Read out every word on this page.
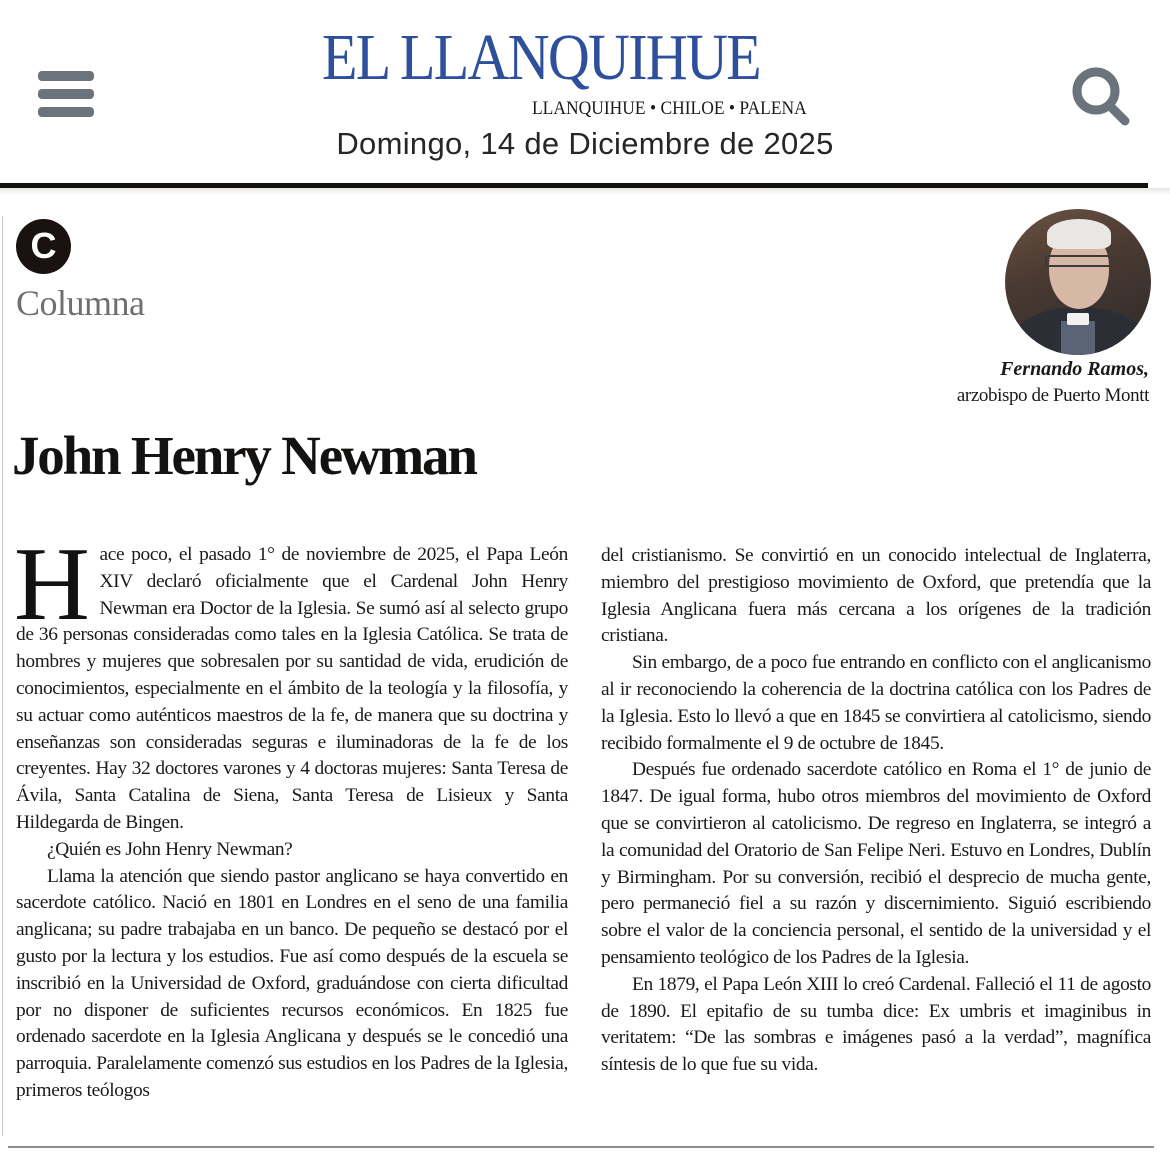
EL LLANQUIHUE
LLANQUIHUE • CHILOE • PALENA
Domingo, 14 de Diciembre de 2025
C
Columna
Fernando Ramos,
arzobispo de Puerto Montt
John Henry Newman

Hace poco, el pasado 1° de noviembre de 2025, el Papa León XIV declaró oficialmente que el Cardenal John Henry Newman era Doctor de la Iglesia. Se sumó así al selecto grupo de 36 personas consideradas como tales en la Iglesia Católica. Se trata de hombres y mujeres que sobresalen por su santidad de vida, erudición de conocimientos, especialmente en el ámbito de la teología y la filosofía, y su actuar como auténticos maestros de la fe, de manera que su doctrina y enseñanzas son consideradas seguras e iluminadoras de la fe de los creyentes. Hay 32 doctores varones y 4 doctoras mujeres: Santa Teresa de Ávila, Santa Catalina de Siena, Santa Teresa de Lisieux y Santa Hildegarda de Bingen.

¿Quién es John Henry Newman?

Llama la atención que siendo pastor anglicano se haya convertido en sacerdote católico. Nació en 1801 en Londres en el seno de una familia anglicana; su padre trabajaba en un banco. De pequeño se destacó por el gusto por la lectura y los estudios. Fue así como después de la escuela se inscribió en la Universidad de Oxford, graduándose con cierta dificultad por no disponer de suficientes recursos económicos. En 1825 fue ordenado sacerdote en la Iglesia Anglicana y después se le concedió una parroquia. Paralelamente comenzó sus estudios en los Padres de la Iglesia, primeros teólogos

del cristianismo. Se convirtió en un conocido intelectual de Inglaterra, miembro del prestigioso movimiento de Oxford, que pretendía que la Iglesia Anglicana fuera más cercana a los orígenes de la tradición cristiana.

Sin embargo, de a poco fue entrando en conflicto con el anglicanismo al ir reconociendo la coherencia de la doctrina católica con los Padres de la Iglesia. Esto lo llevó a que en 1845 se convirtiera al catolicismo, siendo recibido formalmente el 9 de octubre de 1845.

Después fue ordenado sacerdote católico en Roma el 1° de junio de 1847. De igual forma, hubo otros miembros del movimiento de Oxford que se convirtieron al catolicismo. De regreso en Inglaterra, se integró a la comunidad del Oratorio de San Felipe Neri. Estuvo en Londres, Dublín y Birmingham. Por su conversión, recibió el desprecio de mucha gente, pero permaneció fiel a su razón y discernimiento. Siguió escribiendo sobre el valor de la conciencia personal, el sentido de la universidad y el pensamiento teológico de los Padres de la Iglesia.

En 1879, el Papa León XIII lo creó Cardenal. Falleció el 11 de agosto de 1890. El epitafio de su tumba dice: Ex umbris et imaginibus in veritatem: “De las sombras e imágenes pasó a la verdad”, magnífica síntesis de lo que fue su vida.
